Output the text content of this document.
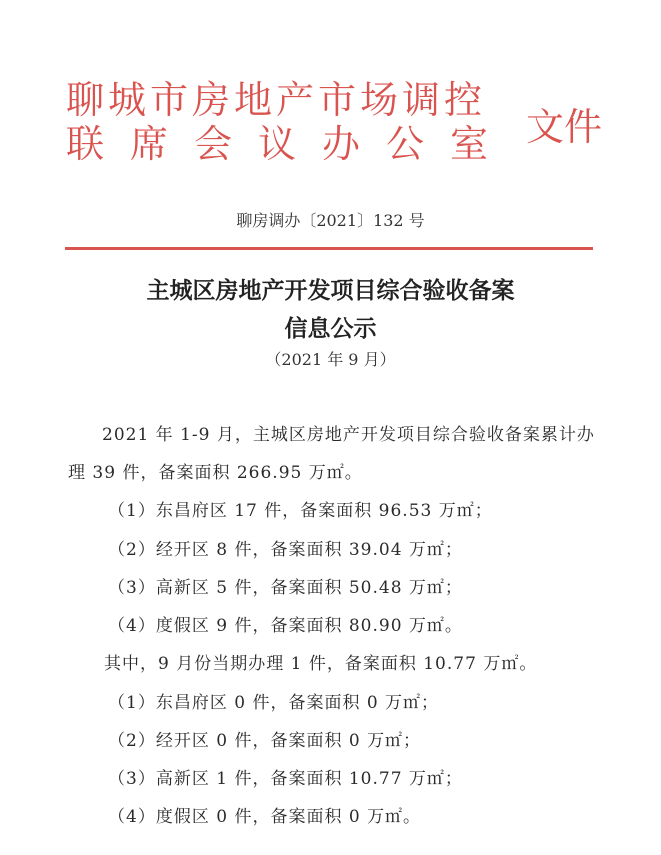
聊城市房地产市场调控
联席会议办公室 文件
聊房调办〔2021〕132 号
主城区房地产开发项目综合验收备案
信息公示
（2021 年 9 月）
2021 年 1-9 月，主城区房地产开发项目综合验收备案累计办
理 39 件，备案面积 266.95 万㎡。
（1）东昌府区 17 件，备案面积 96.53 万㎡；
（2）经开区 8 件，备案面积 39.04 万㎡；
（3）高新区 5 件，备案面积 50.48 万㎡；
（4）度假区 9 件，备案面积 80.90 万㎡。
其中，9 月份当期办理 1 件，备案面积 10.77 万㎡。
（1）东昌府区 0 件，备案面积 0 万㎡；
（2）经开区 0 件，备案面积 0 万㎡；
（3）高新区 1 件，备案面积 10.77 万㎡；
（4）度假区 0 件，备案面积 0 万㎡。
